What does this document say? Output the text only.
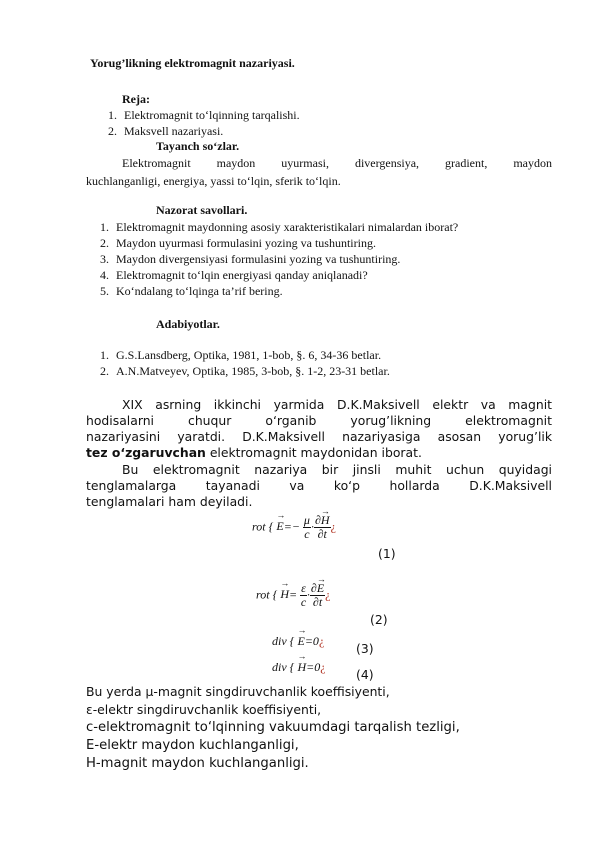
Yorug’likning elektromagnit nazariyasi.
Reja:
1. Elektromagnit to‘lqinning tarqalishi.
2. Maksvell nazariyasi.
Tayanch so‘zlar.
Elektromagnit maydon uyurmasi, divergensiya, gradient, maydon
kuchlanganligi, energiya, yassi to‘lqin, sferik to‘lqin.
Nazorat savollari.
1. Elektromagnit maydonning asosiy xarakteristikalari nimalardan iborat?
2. Maydon uyurmasi formulasini yozing va tushuntiring.
3. Maydon divergensiyasi formulasini yozing va tushuntiring.
4. Elektromagnit to‘lqin energiyasi qanday aniqlanadi?
5. Ko‘ndalang to‘lqinga ta’rif bering.
Adabiyotlar.
1. G.S.Lansdberg, Optika, 1981, 1-bob, §. 6, 34-36 betlar.
2. A.N.Matveyev, Optika, 1985, 3-bob, §. 1-2, 23-31 betlar.
XIX asrning ikkinchi yarmida D.K.Maksivell elektr va magnit
hodisalarni chuqur o‘rganib yorug’likning elektromagnit
nazariyasini yaratdi. D.K.Maksivell nazariyasiga asosan yorug’lik
tez o‘zgaruvchan elektromagnit maydonidan iborat.
Bu elektromagnit nazariya bir jinsli muhit uchun quyidagi
tenglamalarga tayanadi va ko‘p hollarda D.K.Maksivell
tenglamalari ham deyiladi.
rot { → $E=- \frac{\mu}{c} \cdot \frac{\partial\to H}{\partial t}$ ¿
(1)
rot { → $H= \frac{\varepsilon}{c} \cdot \frac{\partial\to E}{\partial t}$ ¿
(2)
div { → E=0¿	(3)
div { → H=0¿ (4)
Bu yerda μ-magnit singdiruvchanlik koeffisiyenti,
ε-elektr singdiruvchanlik koeffisiyenti,
c-elektromagnit to‘lqinning vakuumdagi tarqalish tezligi,
E-elektr maydon kuchlanganligi,
H-magnit maydon kuchlanganligi.
